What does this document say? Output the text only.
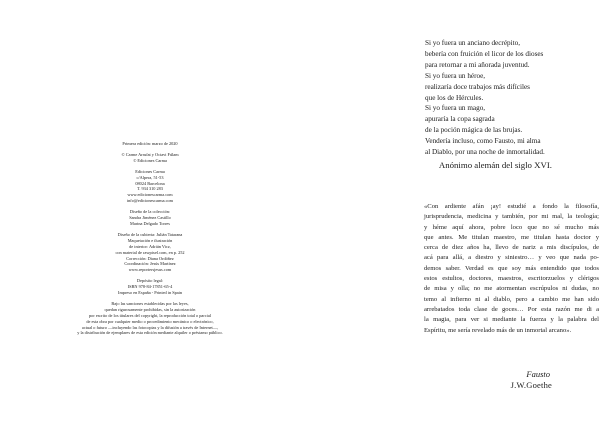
Primera edición: marzo de 2020
© Carme Arrufat y Octavi Fúlam
© Ediciones Carma
Ediciones Carma
c/Alpera, 51-53
08024 Barcelona
T. 934 310 283
www.edicionescarma.com
info@edicionescarma.com
Diseño de la colección:
Sandra Jiménez Castillo
Marina Delgado Torres
Diseño de la cubierta: Julián Tatarana
Maquetación e ilustración
de interior: Adrián Vicz,
con material de rawpixel.com, en p. 252
Corrección: Diana Ordóñez
Coordinación: Jesús Martínez
www.reportersjesus.com
Depósito legal:
ISBN 978-84-17851-65-4
Impreso en España - Printed in Spain
Bajo las sanciones establecidas por las leyes,
quedan rigurosamente prohibidas, sin la autorización
por escrito de los titulares del copyright, la reproducción total o parcial
de esta obra por cualquier medio o procedimiento mecánico o electrónico,
actual o futuro —incluyendo las fotocopias y la difusión a través de Internet—,
y la distribución de ejemplares de esta edición mediante alquiler o préstamo público.
Si yo fuera un anciano decrépito,
bebería con fruición el licor de los dioses
para retornar a mi añorada juventud.
Si yo fuera un héroe,
realizaría doce trabajos más difíciles
que los de Hércules.
Si yo fuera un mago,
apuraría la copa sagrada
de la poción mágica de las brujas.
Vendería incluso, como Fausto, mi alma
al Diablo, por una noche de inmortalidad.
Anónimo alemán del siglo XVI.
«Con ardiente afán ¡ay! estudié a fondo la filosofía,
jurisprudencia, medicina y también, por mi mal, la teología;
y héme aquí ahora, pobre loco que no sé mucho más
que antes. Me titulan maestro, me titulan hasta doctor y
cerca de diez años ha, llevo de nariz a mis discípulos, de
acá para allá, a diestro y siniestro… y veo que nada po-
demos saber. Verdad es que soy más entendido que todos
estos estultos, doctores, maestros, escritorzuelos y clérigos
de misa y olla; no me atormentan escrúpulos ni dudas, no
temo al infierno ni al diablo, pero a cambio me han sido
arrebatados toda clase de goces… Por esta razón me di a
la magia, para ver si mediante la fuerza y la palabra del
Espíritu, me sería revelado más de un inmortal arcano».
Fausto
J.W.Goethe
